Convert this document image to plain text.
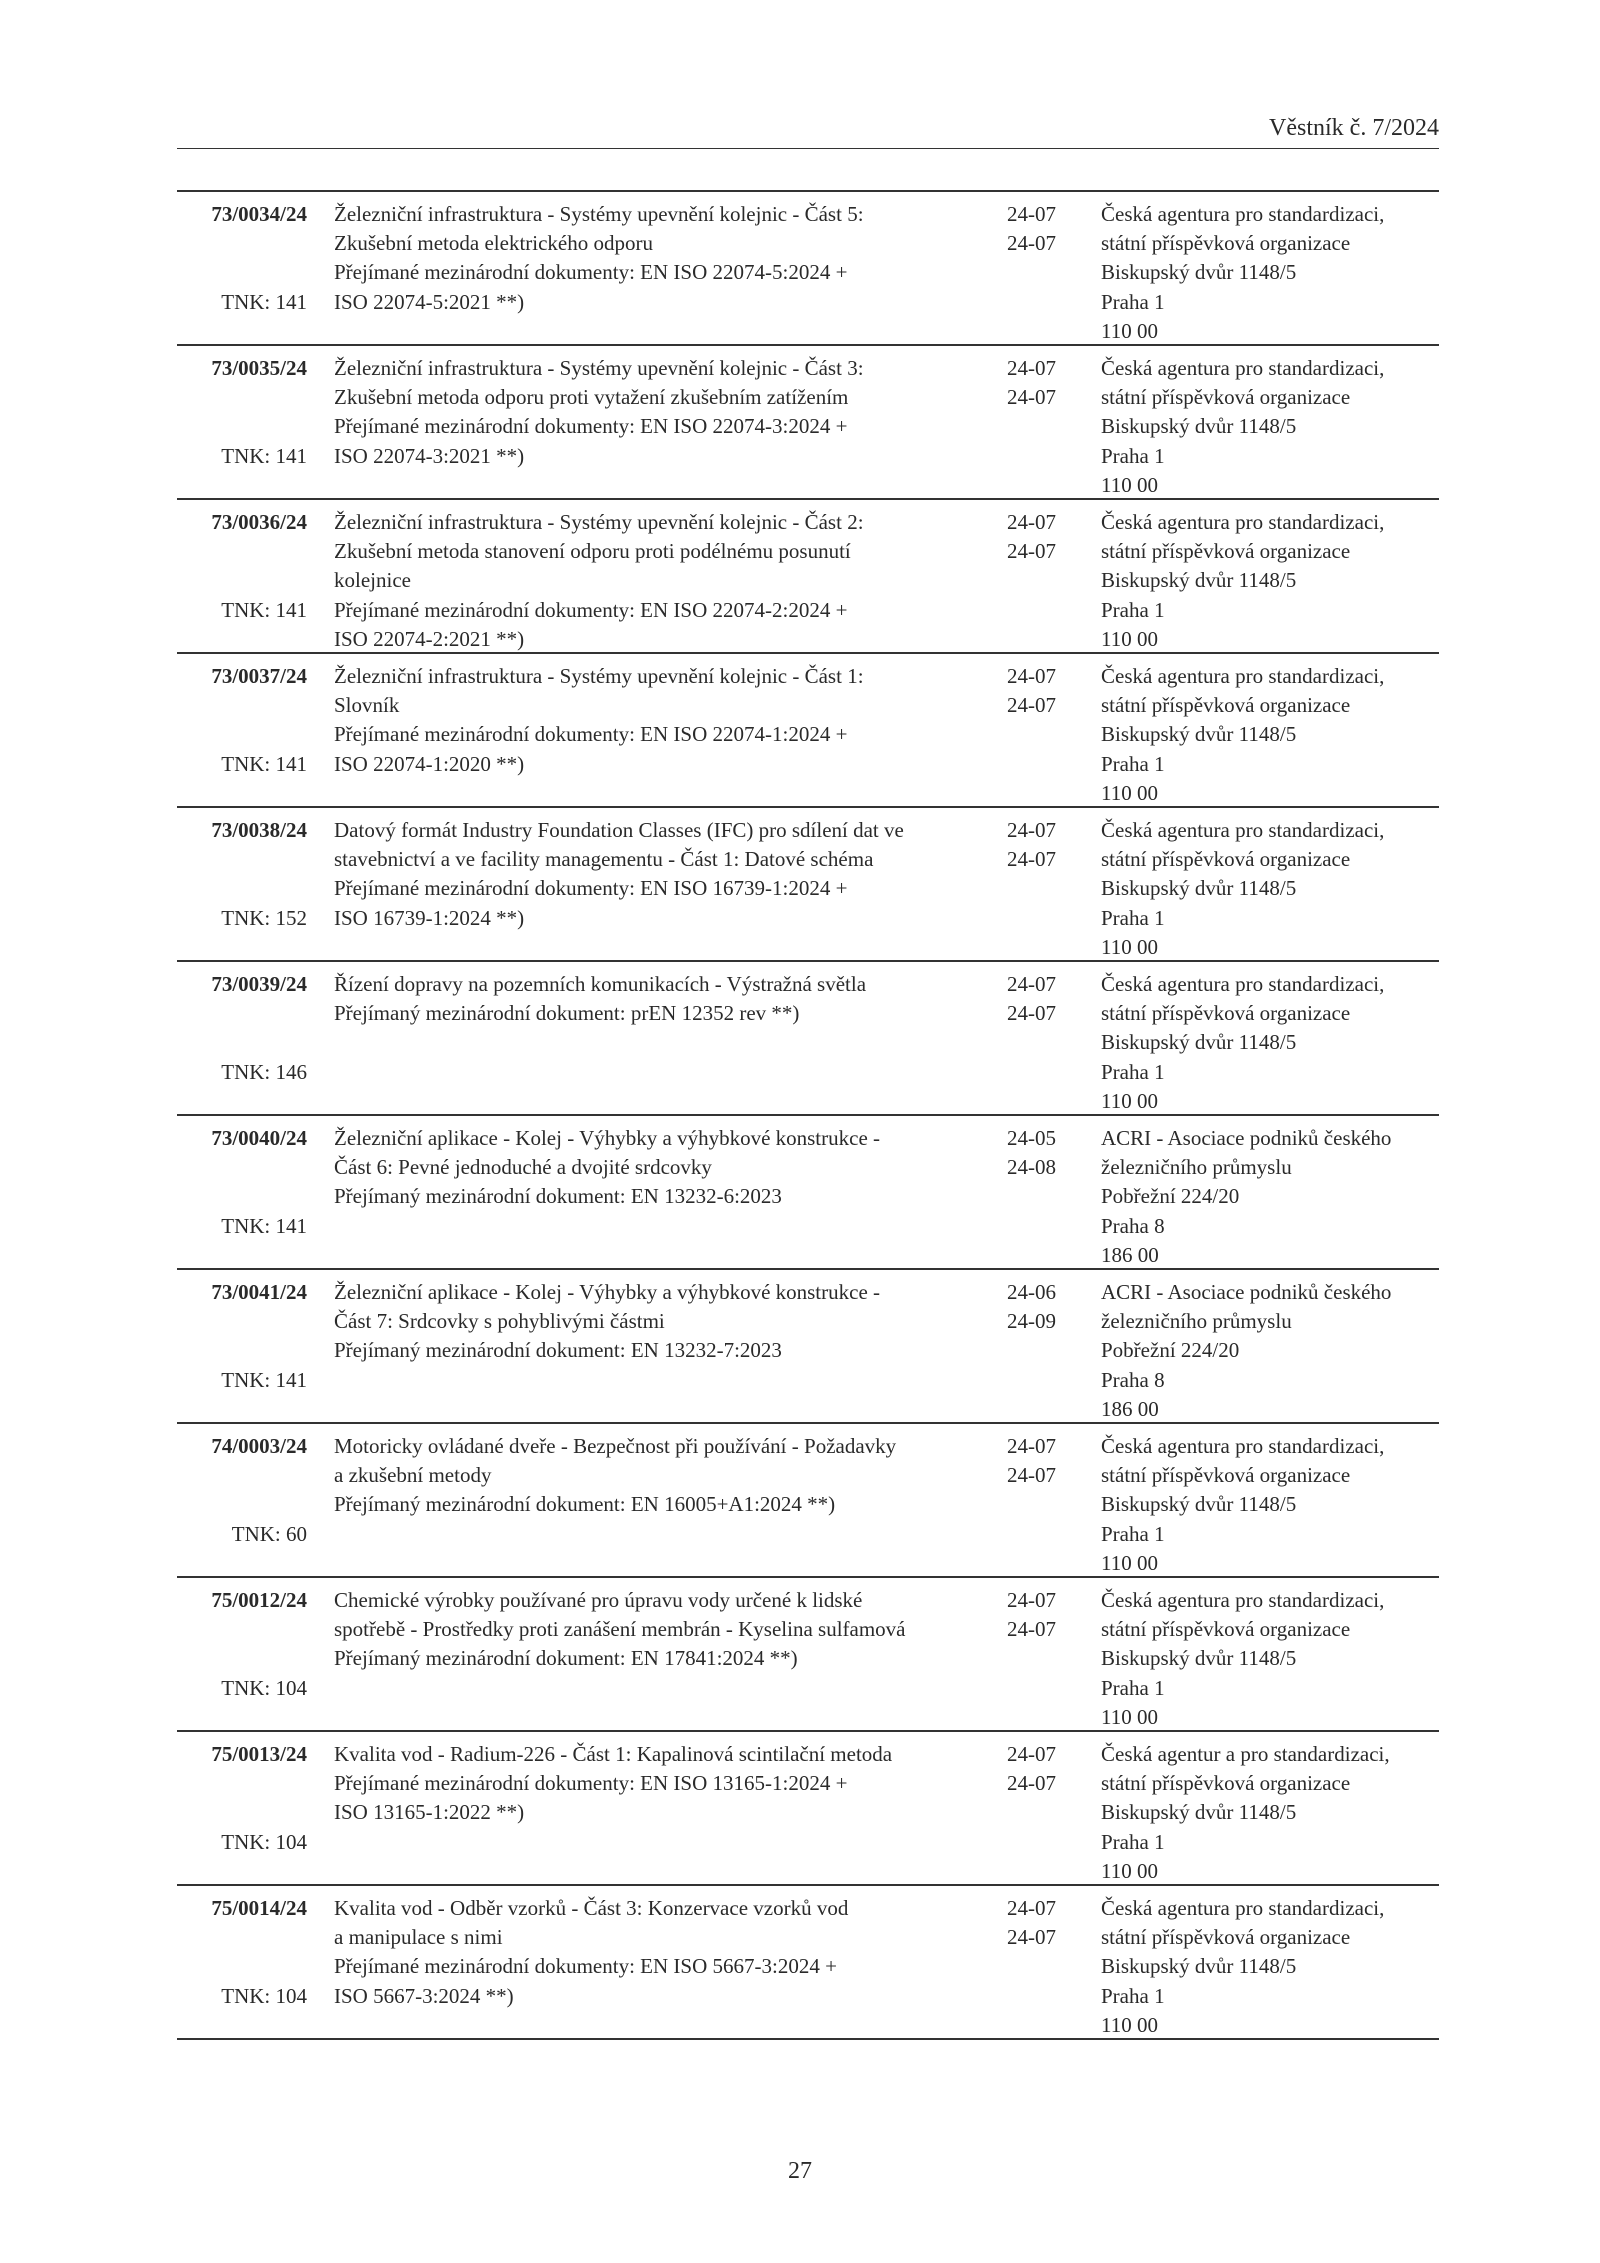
Věstník č. 7/2024
73/0034/24
TNK: 141
Železniční infrastruktura - Systémy upevnění kolejnic - Část 5:
Zkušební metoda elektrického odporu
Přejímané mezinárodní dokumenty: EN ISO 22074-5:2024 +
ISO 22074-5:2021 **)
24-07
24-07
Česká agentura pro standardizaci,
státní příspěvková organizace
Biskupský dvůr 1148/5
Praha 1
110 00
73/0035/24
TNK: 141
Železniční infrastruktura - Systémy upevnění kolejnic - Část 3:
Zkušební metoda odporu proti vytažení zkušebním zatížením
Přejímané mezinárodní dokumenty: EN ISO 22074-3:2024 +
ISO 22074-3:2021 **)
24-07
24-07
Česká agentura pro standardizaci,
státní příspěvková organizace
Biskupský dvůr 1148/5
Praha 1
110 00
73/0036/24
TNK: 141
Železniční infrastruktura - Systémy upevnění kolejnic - Část 2:
Zkušební metoda stanovení odporu proti podélnému posunutí
kolejnice
Přejímané mezinárodní dokumenty: EN ISO 22074-2:2024 +
ISO 22074-2:2021 **)
24-07
24-07
Česká agentura pro standardizaci,
státní příspěvková organizace
Biskupský dvůr 1148/5
Praha 1
110 00
73/0037/24
TNK: 141
Železniční infrastruktura - Systémy upevnění kolejnic - Část 1:
Slovník
Přejímané mezinárodní dokumenty: EN ISO 22074-1:2024 +
ISO 22074-1:2020 **)
24-07
24-07
Česká agentura pro standardizaci,
státní příspěvková organizace
Biskupský dvůr 1148/5
Praha 1
110 00
73/0038/24
TNK: 152
Datový formát Industry Foundation Classes (IFC) pro sdílení dat ve
stavebnictví a ve facility managementu - Část 1: Datové schéma
Přejímané mezinárodní dokumenty: EN ISO 16739-1:2024 +
ISO 16739-1:2024 **)
24-07
24-07
Česká agentura pro standardizaci,
státní příspěvková organizace
Biskupský dvůr 1148/5
Praha 1
110 00
73/0039/24
TNK: 146
Řízení dopravy na pozemních komunikacích - Výstražná světla
Přejímaný mezinárodní dokument: prEN 12352 rev **)
24-07
24-07
Česká agentura pro standardizaci,
státní příspěvková organizace
Biskupský dvůr 1148/5
Praha 1
110 00
73/0040/24
TNK: 141
Železniční aplikace - Kolej - Výhybky a výhybkové konstrukce -
Část 6: Pevné jednoduché a dvojité srdcovky
Přejímaný mezinárodní dokument: EN 13232-6:2023
24-05
24-08
ACRI - Asociace podniků českého
železničního průmyslu
Pobřežní 224/20
Praha 8
186 00
73/0041/24
TNK: 141
Železniční aplikace - Kolej - Výhybky a výhybkové konstrukce -
Část 7: Srdcovky s pohyblivými částmi
Přejímaný mezinárodní dokument: EN 13232-7:2023
24-06
24-09
ACRI - Asociace podniků českého
železničního průmyslu
Pobřežní 224/20
Praha 8
186 00
74/0003/24
TNK: 60
Motoricky ovládané dveře - Bezpečnost při používání - Požadavky
a zkušební metody
Přejímaný mezinárodní dokument: EN 16005+A1:2024 **)
24-07
24-07
Česká agentura pro standardizaci,
státní příspěvková organizace
Biskupský dvůr 1148/5
Praha 1
110 00
75/0012/24
TNK: 104
Chemické výrobky používané pro úpravu vody určené k lidské
spotřebě - Prostředky proti zanášení membrán - Kyselina sulfamová
Přejímaný mezinárodní dokument: EN 17841:2024 **)
24-07
24-07
Česká agentura pro standardizaci,
státní příspěvková organizace
Biskupský dvůr 1148/5
Praha 1
110 00
75/0013/24
TNK: 104
Kvalita vod - Radium-226 - Část 1: Kapalinová scintilační metoda
Přejímané mezinárodní dokumenty: EN ISO 13165-1:2024 +
ISO 13165-1:2022 **)
24-07
24-07
Česká agentur a pro standardizaci,
státní příspěvková organizace
Biskupský dvůr 1148/5
Praha 1
110 00
75/0014/24
TNK: 104
Kvalita vod - Odběr vzorků - Část 3: Konzervace vzorků vod
a manipulace s nimi
Přejímané mezinárodní dokumenty: EN ISO 5667-3:2024 +
ISO 5667-3:2024 **)
24-07
24-07
Česká agentura pro standardizaci,
státní příspěvková organizace
Biskupský dvůr 1148/5
Praha 1
110 00
27
